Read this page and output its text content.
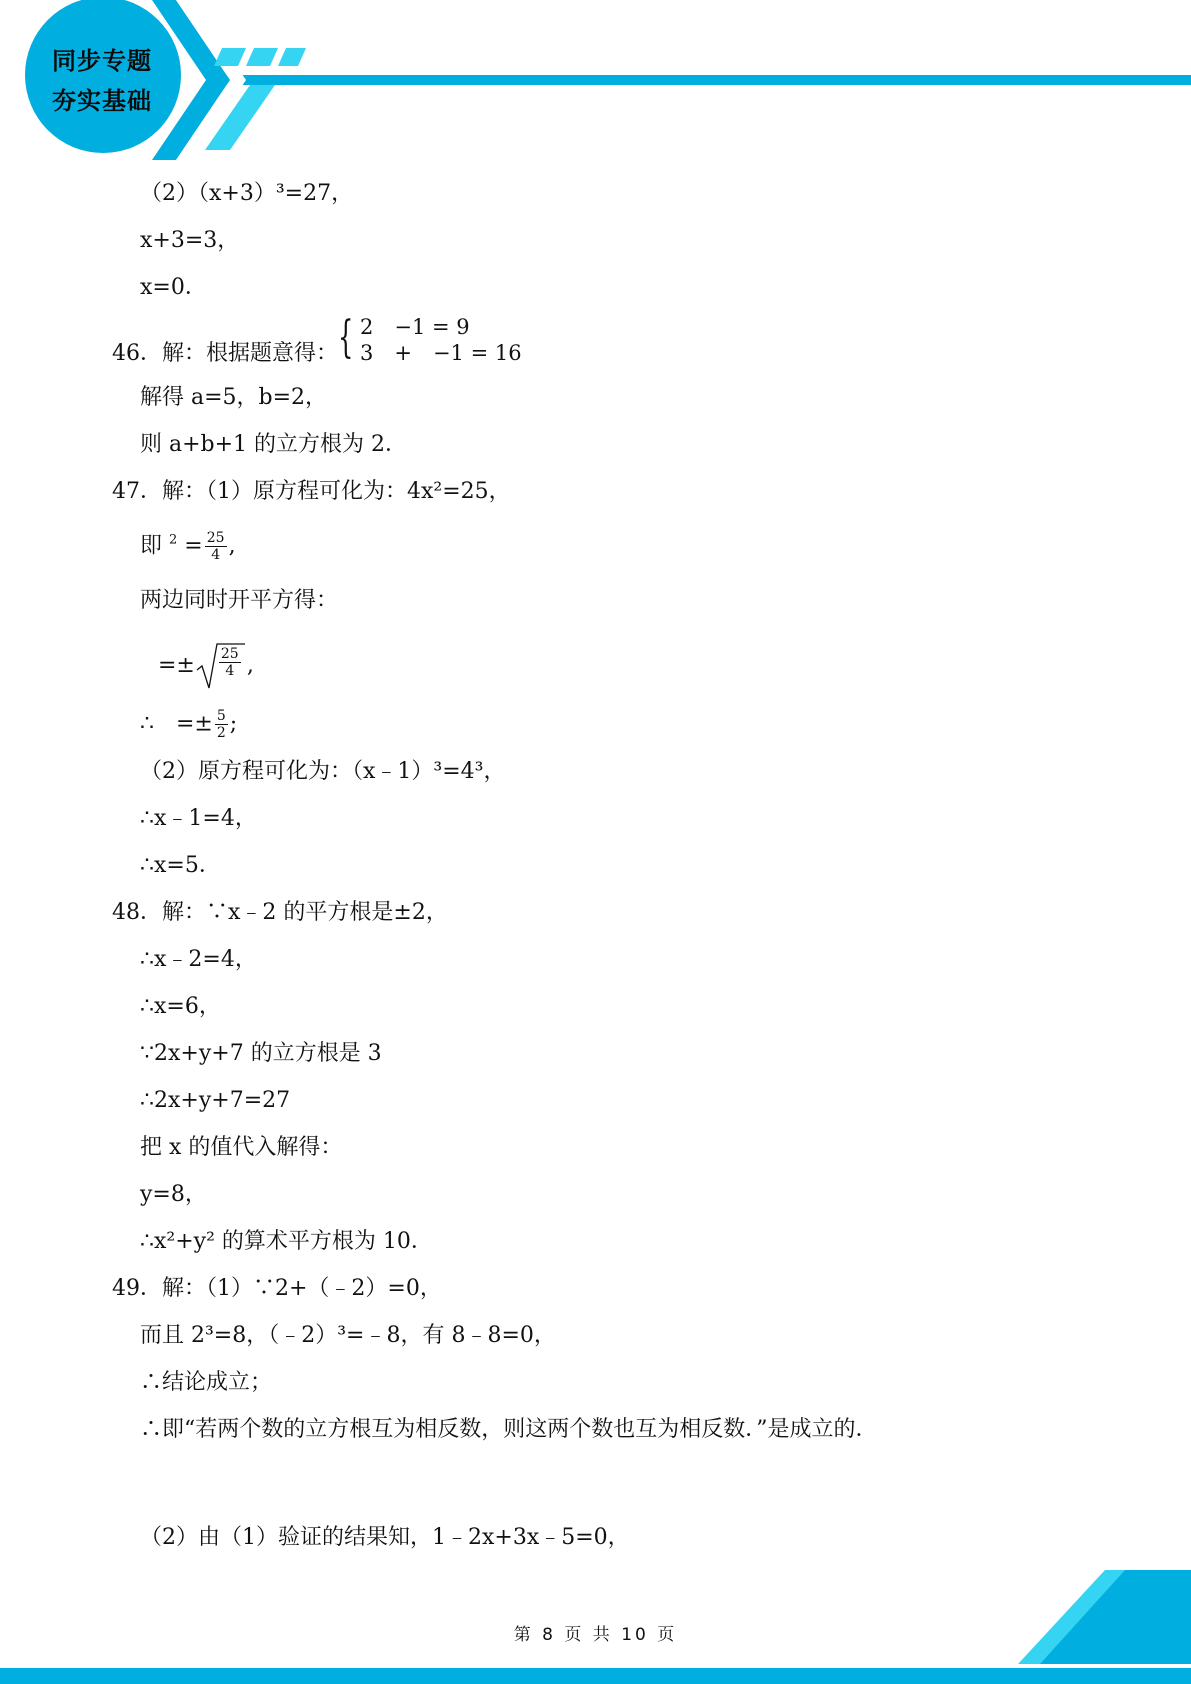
同步专题
夯实基础
（2）（x+3）³=27，
x+3=3，
x=0．
46．解：根据题意得： { 2　−1 = 9
3　+　−1 = 16
解得 a=5，b=2，
则 a+b+1 的立方根为 2．
47．解：（1）原方程可化为：4x²=25，
即 $^2 = \frac{25}{4}$ ,
两边同时开平方得：
=± $\frac{25}{4}$ ,
∴　=± $\frac{5}{2}$ ;
（2）原方程可化为：（x﹣1）³=4³，
∴x﹣1=4，
∴x=5．
48．解：∵x﹣2 的平方根是±2，
∴x﹣2=4，
∴x=6，
∵2x+y+7 的立方根是 3
∴2x+y+7=27
把 x 的值代入解得：
y=8，
∴x²+y² 的算术平方根为 10．
49．解：（1）∵2+（﹣2）=0，
而且 2³=8，（﹣2）³=﹣8，有 8﹣8=0，
∴结论成立；
∴即“若两个数的立方根互为相反数，则这两个数也互为相反数．”是成立的．
（2）由（1）验证的结果知，1﹣2x+3x﹣5=0，
第 8 页 共 10 页
